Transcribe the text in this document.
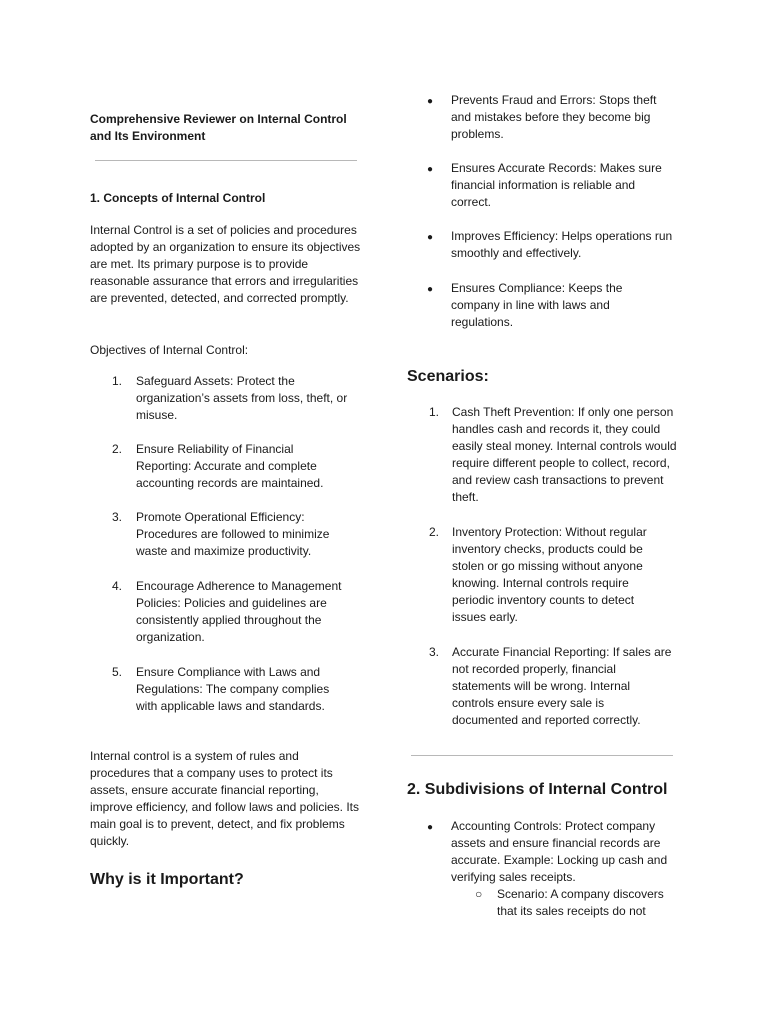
Comprehensive Reviewer on Internal Control and Its Environment
1. Concepts of Internal Control

Internal Control is a set of policies and procedures adopted by an organization to ensure its objectives are met. Its primary purpose is to provide reasonable assurance that errors and irregularities are prevented, detected, and corrected promptly.

Objectives of Internal Control:

1. Safeguard Assets: Protect the organization’s assets from loss, theft, or misuse.

2. Ensure Reliability of Financial Reporting: Accurate and complete accounting records are maintained.

3. Promote Operational Efficiency: Procedures are followed to minimize waste and maximize productivity.

4. Encourage Adherence to Management Policies: Policies and guidelines are consistently applied throughout the organization.

5. Ensure Compliance with Laws and Regulations: The company complies with applicable laws and standards.

Internal control is a system of rules and procedures that a company uses to protect its assets, ensure accurate financial reporting, improve efficiency, and follow laws and policies. Its main goal is to prevent, detect, and fix problems quickly.

Why is it Important?
● Prevents Fraud and Errors: Stops theft and mistakes before they become big problems.

● Ensures Accurate Records: Makes sure financial information is reliable and correct.

● Improves Efficiency: Helps operations run smoothly and effectively.

● Ensures Compliance: Keeps the company in line with laws and regulations.

Scenarios:
1. Cash Theft Prevention: If only one person handles cash and records it, they could easily steal money. Internal controls would require different people to collect, record, and review cash transactions to prevent theft.

2. Inventory Protection: Without regular inventory checks, products could be stolen or go missing without anyone knowing. Internal controls require periodic inventory counts to detect issues early.

3. Accurate Financial Reporting: If sales are not recorded properly, financial statements will be wrong. Internal controls ensure every sale is documented and reported correctly.

2. Subdivisions of Internal Control
● Accounting Controls: Protect company assets and ensure financial records are accurate. Example: Locking up cash and verifying sales receipts.

○ Scenario: A company discovers that its sales receipts do not
